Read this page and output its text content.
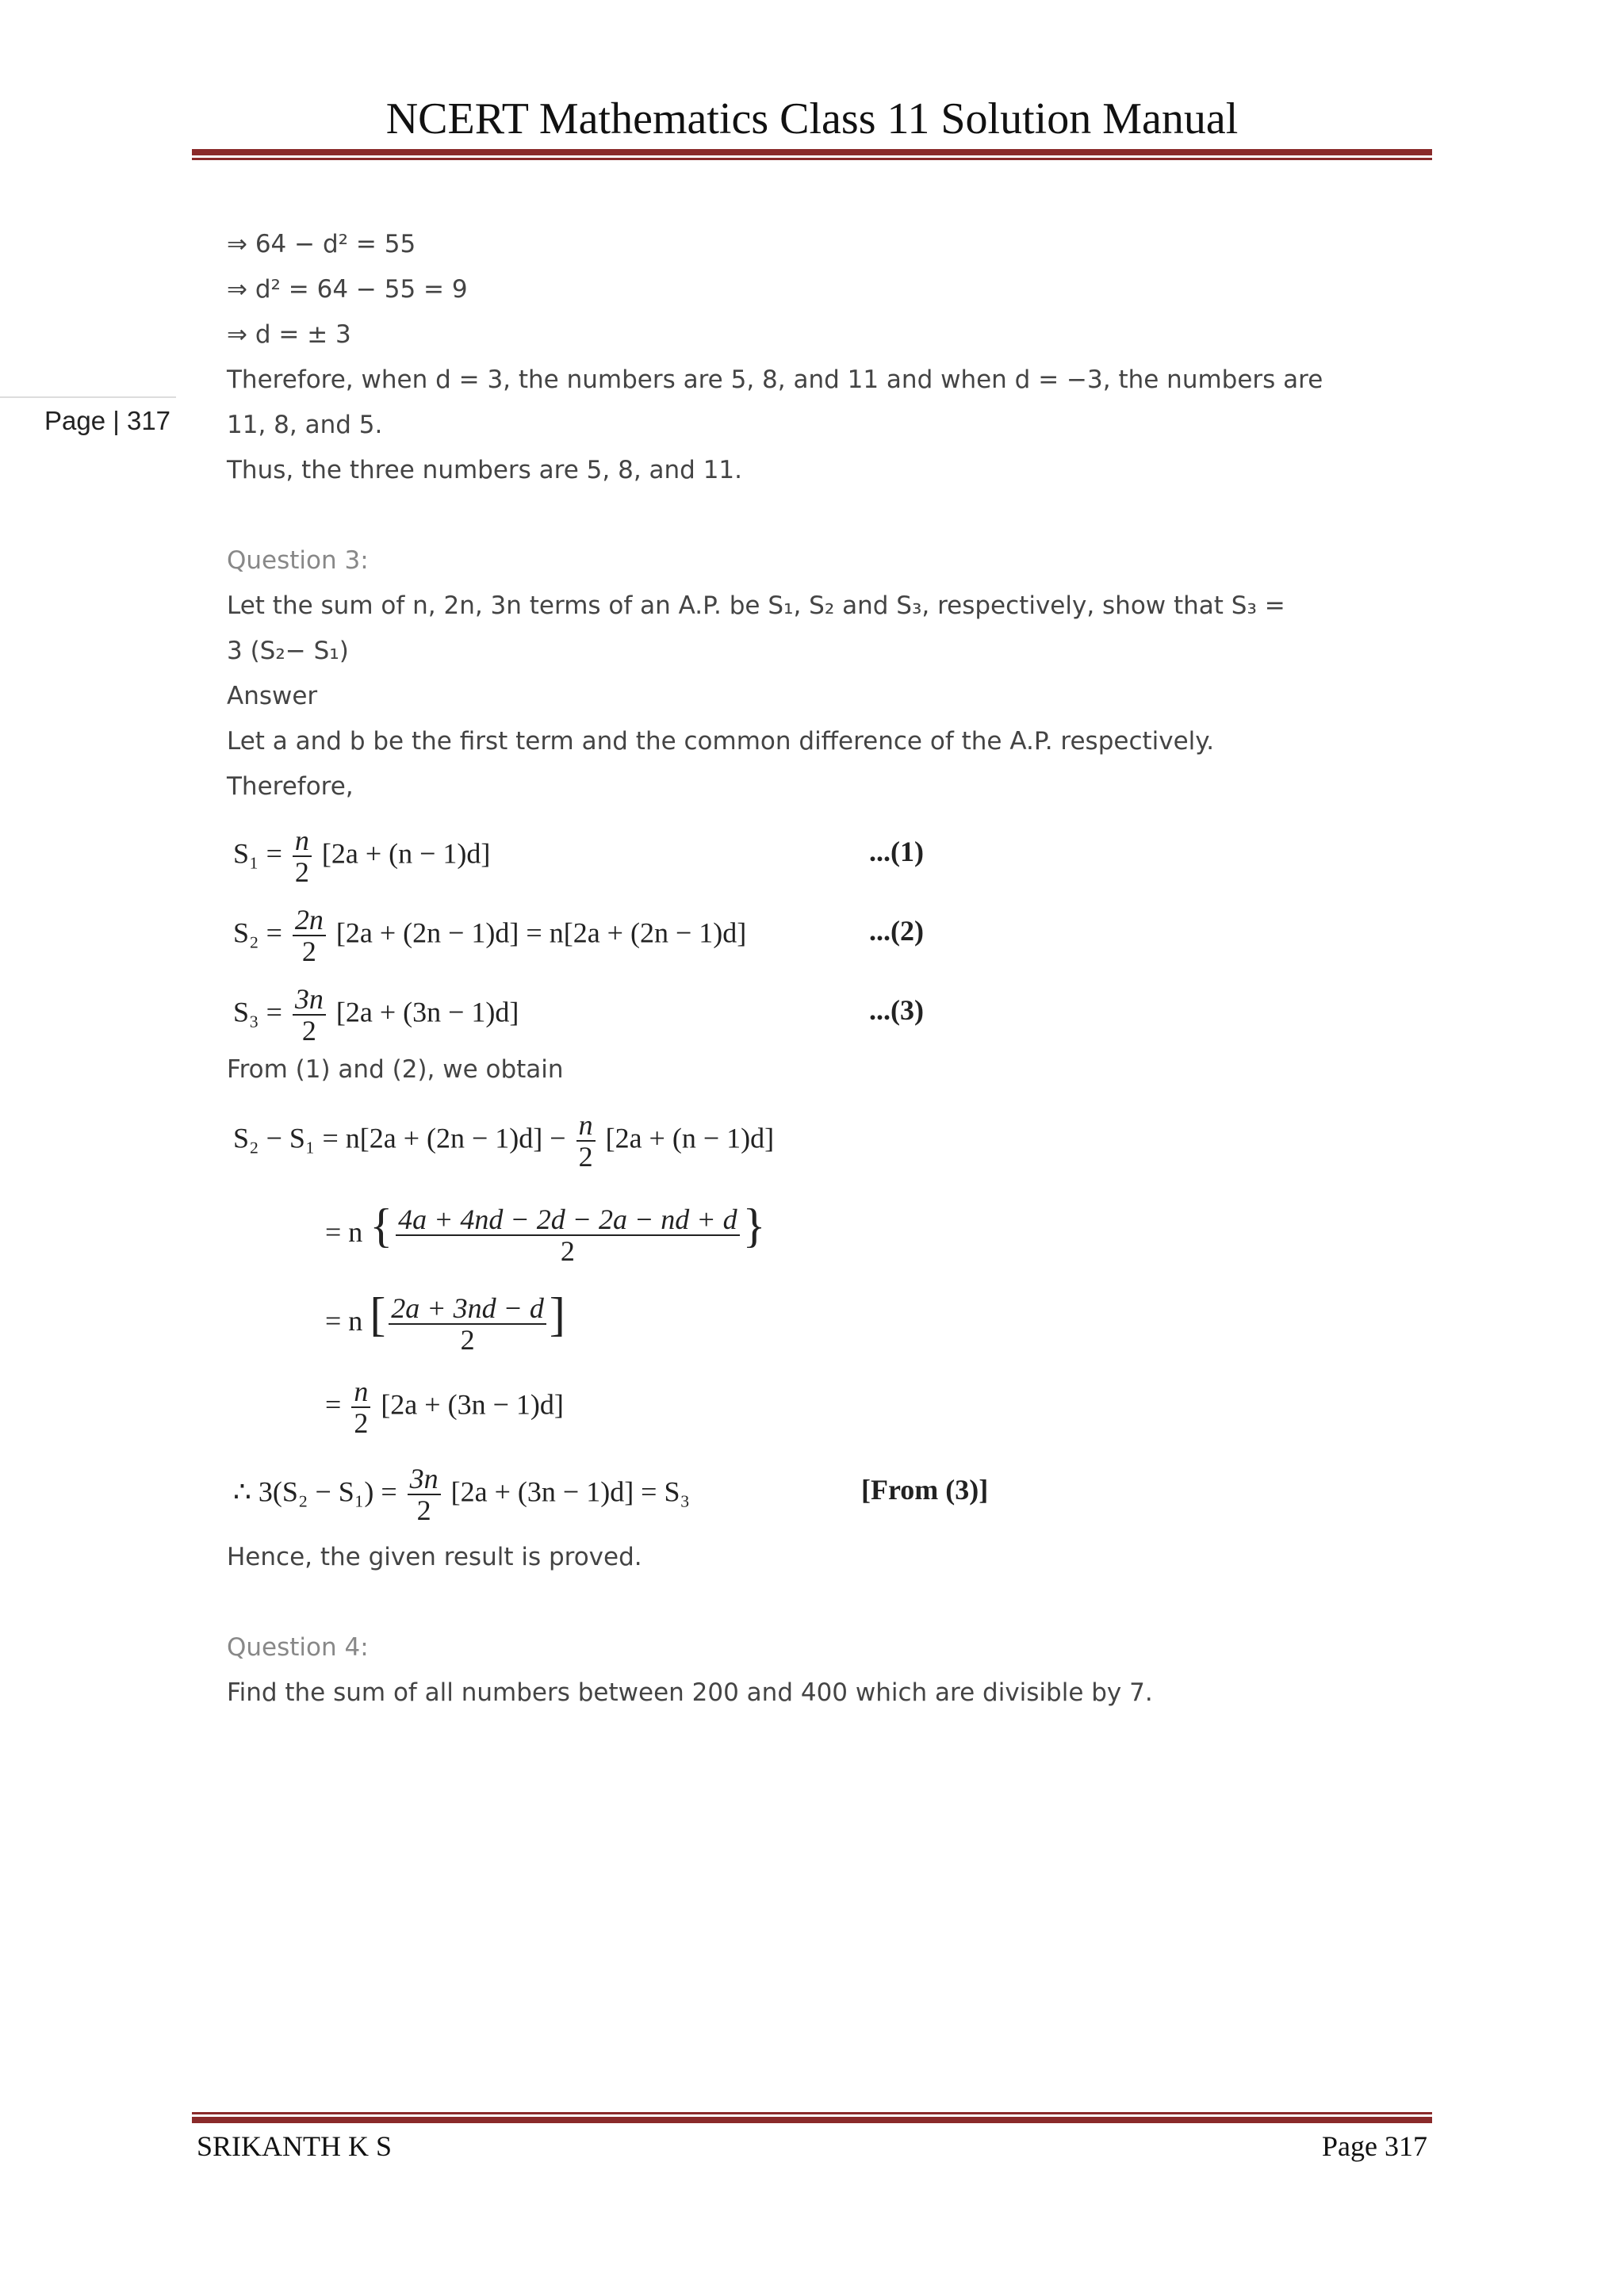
NCERT Mathematics Class 11 Solution Manual
Page | 317
⇒ 64 − d² = 55
⇒ d² = 64 − 55 = 9
⇒ d = ± 3
Therefore, when d = 3, the numbers are 5, 8, and 11 and when d = −3, the numbers are
11, 8, and 5.
Thus, the three numbers are 5, 8, and 11.
Question 3:
Let the sum of n, 2n, 3n terms of an A.P. be S₁, S₂ and S₃, respectively, show that S₃ =
3 (S₂− S₁)
Answer
Let a and b be the first term and the common difference of the A.P. respectively.
Therefore,
$S_1 = \frac{n}{2} [2a + (n - 1)d]$	...(1)
$S_2 = \frac{2n}{2} [2a + (2n - 1)d] = n[2a + (2n - 1)d]$	...(2)
$S_3 = \frac{3n}{2} [2a + (3n - 1)d]$	...(3)
From (1) and (2), we obtain
$S_2 - S_1 = n[2a + (2n - 1)d] - \frac{n}{2} [2a + (n - 1)d]$
= n { $\frac{4a + 4nd - 2d - 2a - nd + d}{2}$ }
= n [ $\frac{2a + 3nd - d}{2}$ ]
= $\frac{n}{2} [2a + (3n - 1)d]$
∴ $3(S_2 - S_1) = \frac{3n}{2} [2a + (3n - 1)d] = S_3$	[From (3)]
Hence, the given result is proved.
Question 4:
Find the sum of all numbers between 200 and 400 which are divisible by 7.
SRIKANTH K S	Page 317
